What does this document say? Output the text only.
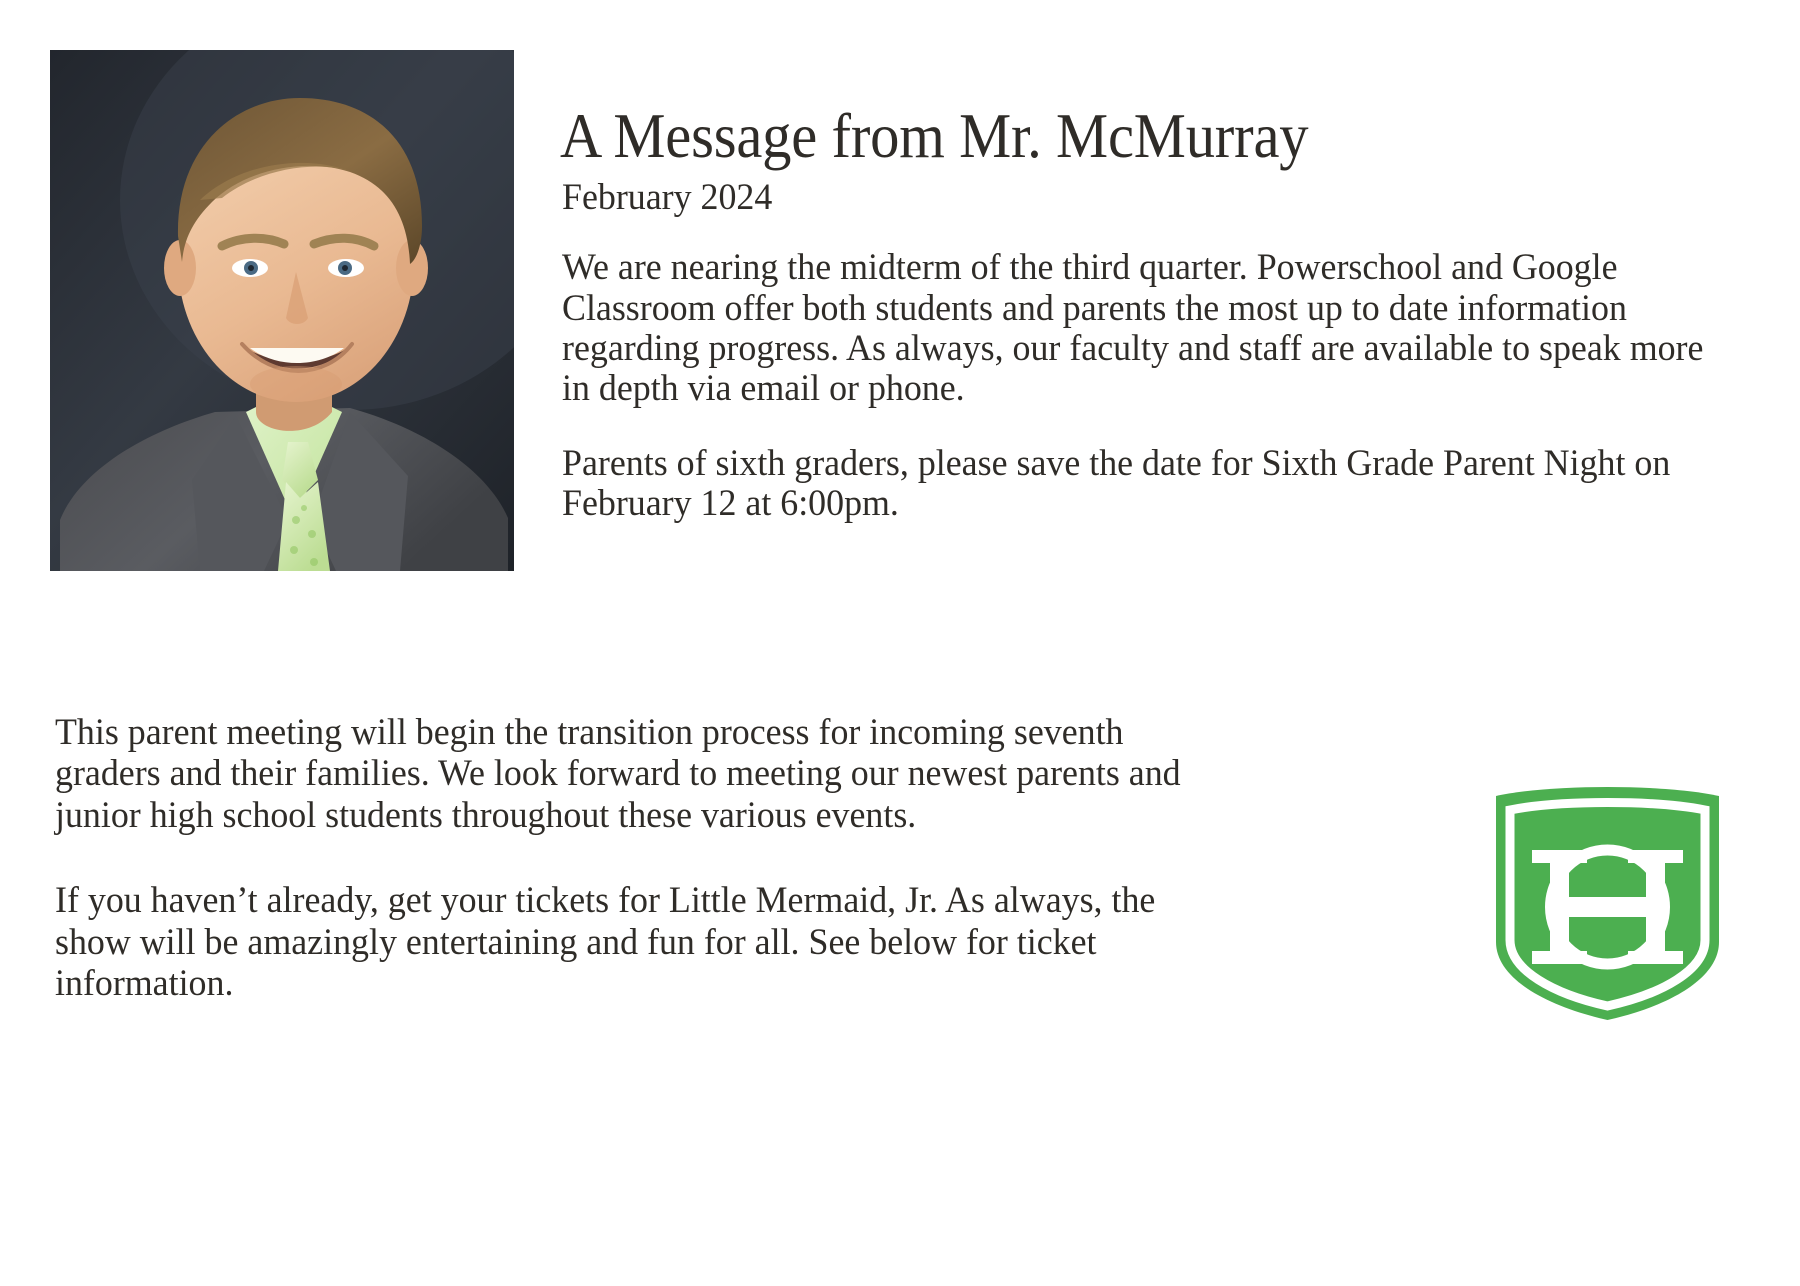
A Message from Mr. McMurray

February 2024

We are nearing the midterm of the third quarter. Powerschool and Google Classroom offer both students and parents the most up to date information regarding progress. As always, our faculty and staff are available to speak more in depth via email or phone.

Parents of sixth graders, please save the date for Sixth Grade Parent Night on February 12 at 6:00pm.

This parent meeting will begin the transition process for incoming seventh graders and their families. We look forward to meeting our newest parents and junior high school students throughout these various events.

If you haven’t already, get your tickets for Little Mermaid, Jr. As always, the show will be amazingly entertaining and fun for all. See below for ticket information.
